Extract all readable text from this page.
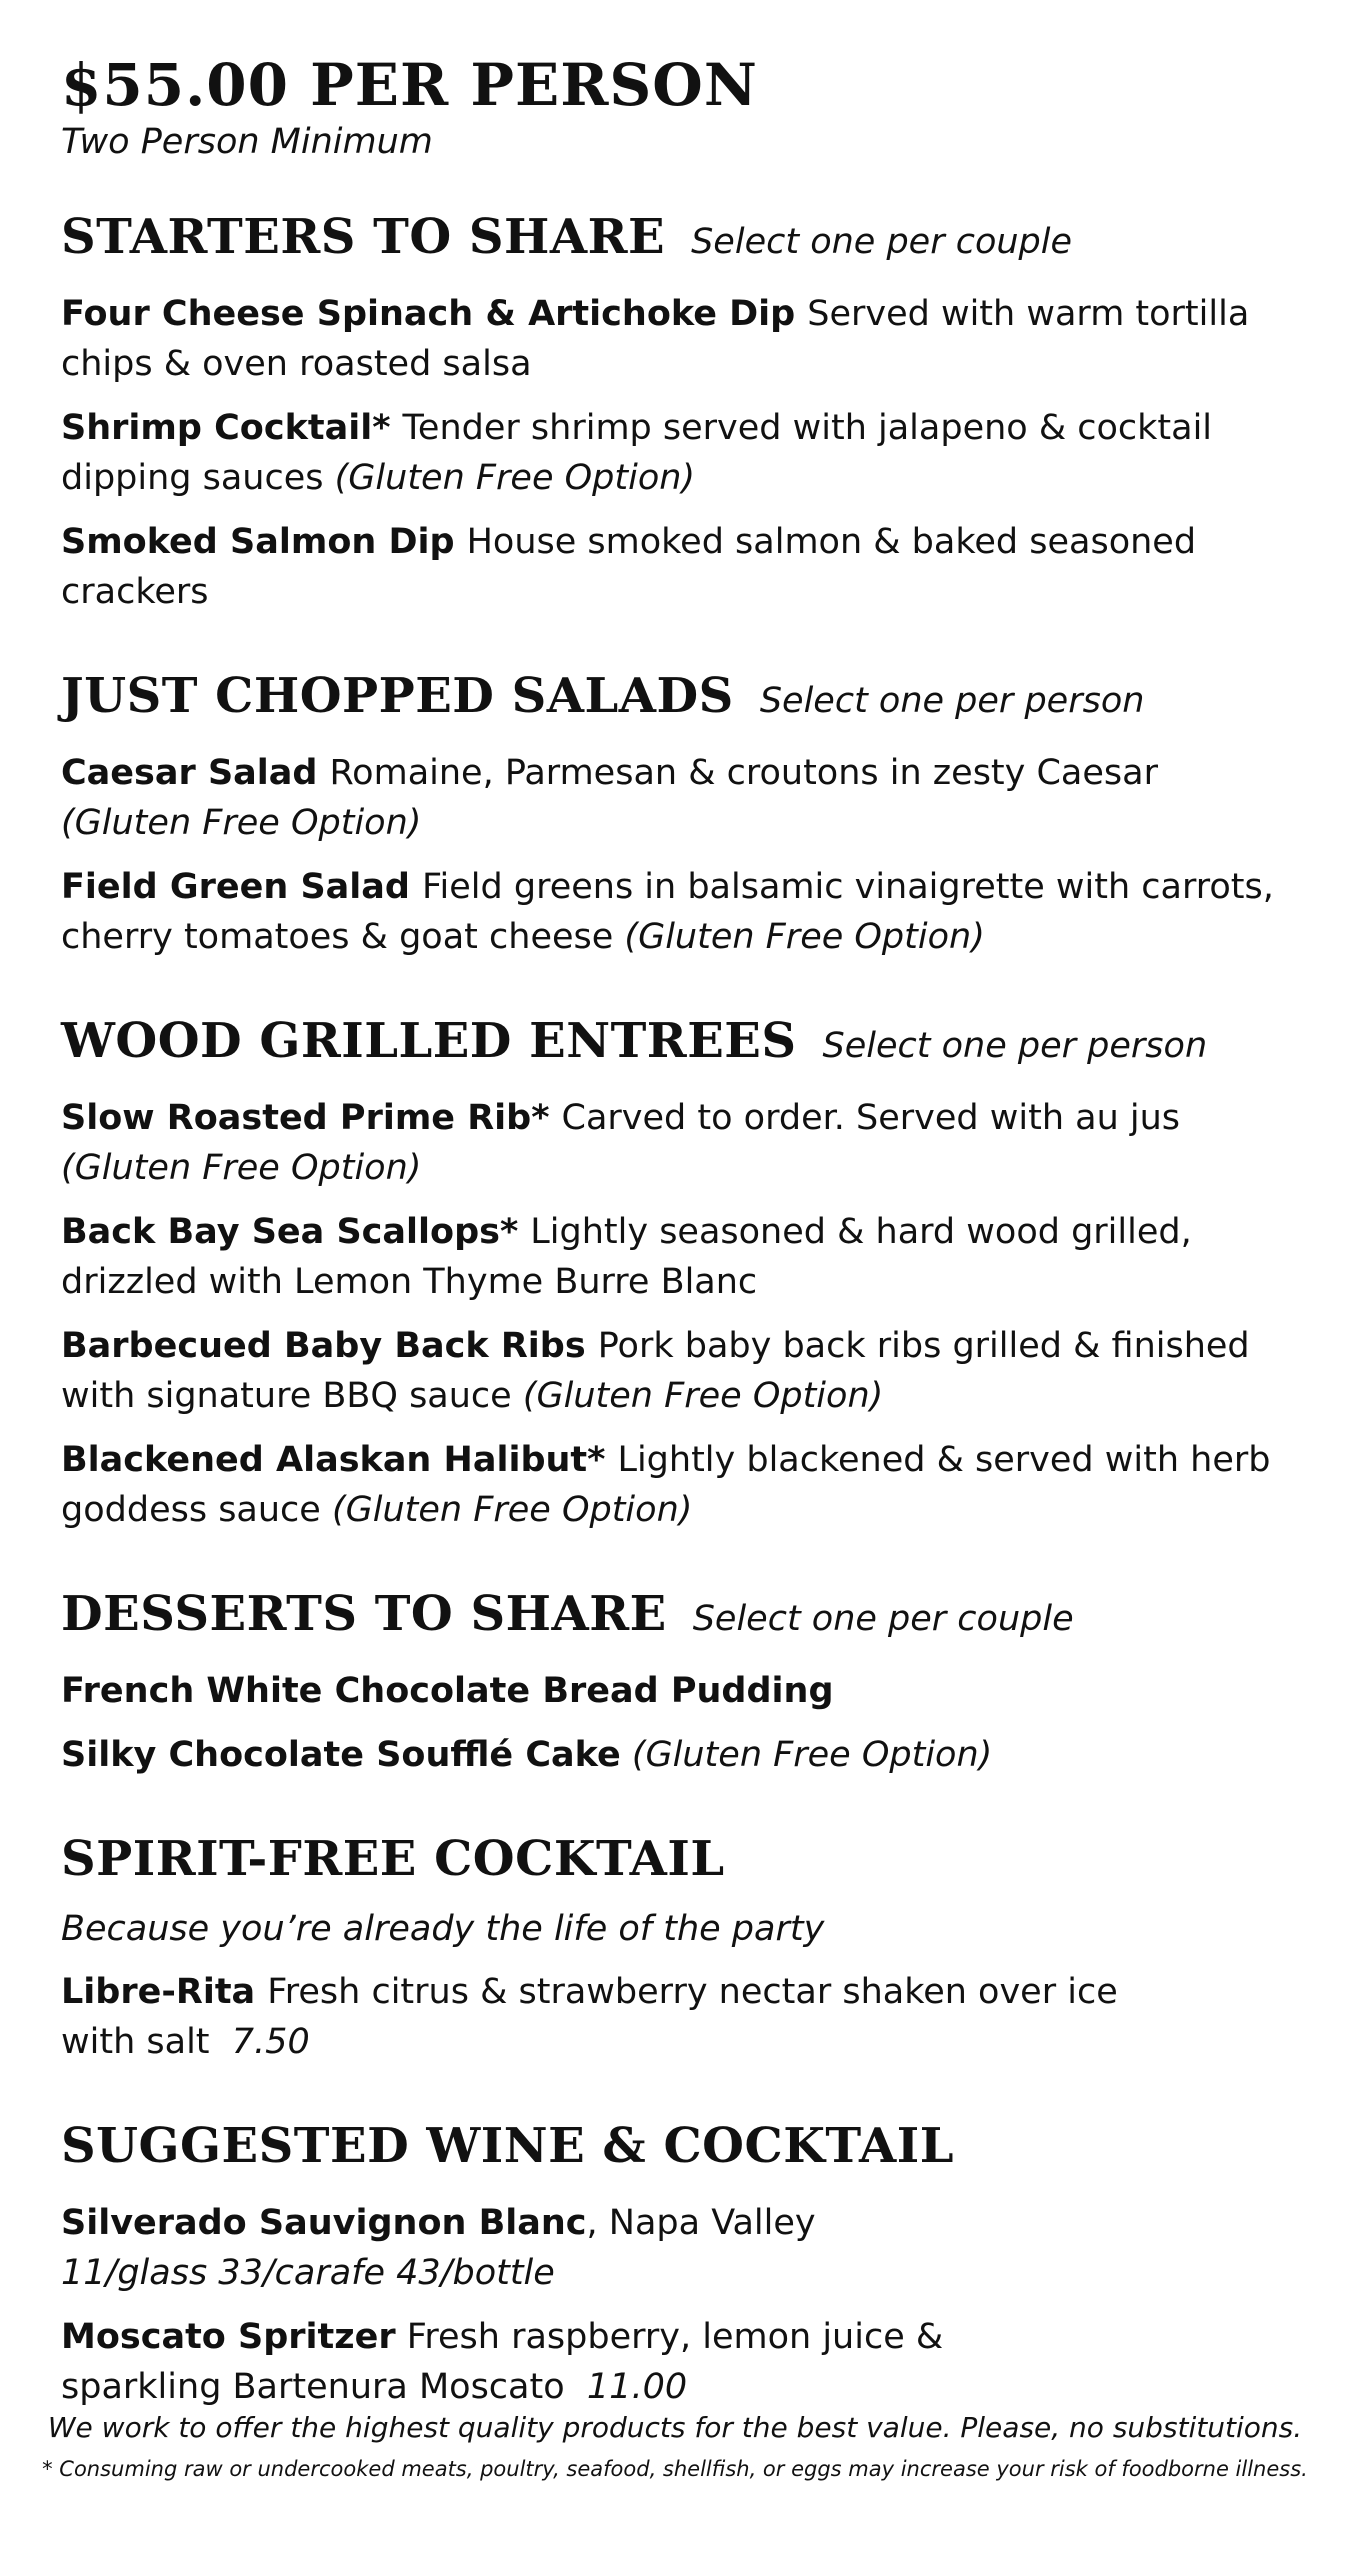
$55.00 PER PERSON

Two Person Minimum

STARTERS TO SHARE Select one per couple

Four Cheese Spinach & Artichoke Dip Served with warm tortilla chips & oven roasted salsa

Shrimp Cocktail* Tender shrimp served with jalapeno & cocktail dipping sauces (Gluten Free Option)

Smoked Salmon Dip House smoked salmon & baked seasoned crackers

JUST CHOPPED SALADS Select one per person

Caesar Salad Romaine, Parmesan & croutons in zesty Caesar
(Gluten Free Option)

Field Green Salad Field greens in balsamic vinaigrette with carrots, cherry tomatoes & goat cheese (Gluten Free Option)

WOOD GRILLED ENTREES Select one per person

Slow Roasted Prime Rib* Carved to order. Served with au jus
(Gluten Free Option)

Back Bay Sea Scallops* Lightly seasoned & hard wood grilled, drizzled with Lemon Thyme Burre Blanc

Barbecued Baby Back Ribs Pork baby back ribs grilled & finished with signature BBQ sauce (Gluten Free Option)

Blackened Alaskan Halibut* Lightly blackened & served with herb goddess sauce (Gluten Free Option)

DESSERTS TO SHARE Select one per couple

French White Chocolate Bread Pudding

Silky Chocolate Soufflé Cake (Gluten Free Option)

SPIRIT-FREE COCKTAIL

Because you’re already the life of the party

Libre-Rita Fresh citrus & strawberry nectar shaken over ice
with salt 7.50

SUGGESTED WINE & COCKTAIL

Silverado Sauvignon Blanc, Napa Valley
11/glass 33/carafe 43/bottle

Moscato Spritzer Fresh raspberry, lemon juice &
sparkling Bartenura Moscato 11.00

We work to offer the highest quality products for the best value. Please, no substitutions.
* Consuming raw or undercooked meats, poultry, seafood, shellfish, or eggs may increase your risk of foodborne illness.
